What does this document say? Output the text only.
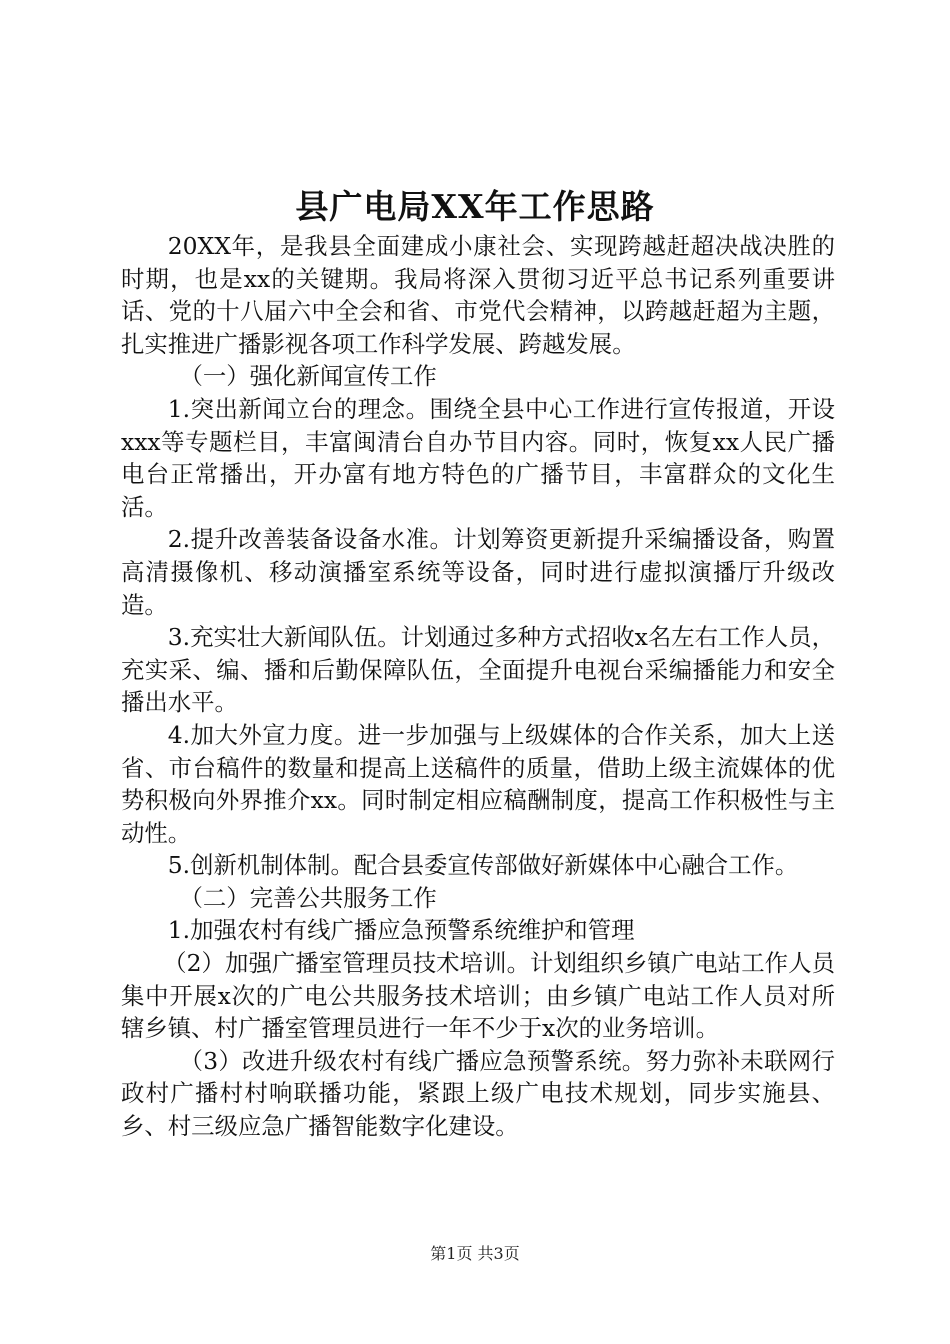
县广电局XX年工作思路

20XX年，是我县全面建成小康社会、实现跨越赶超决战决胜的时期，也是xx的关键期。我局将深入贯彻习近平总书记系列重要讲话、党的十八届六中全会和省、市党代会精神，以跨越赶超为主题，扎实推进广播影视各项工作科学发展、跨越发展。

（一）强化新闻宣传工作

1.突出新闻立台的理念。围绕全县中心工作进行宣传报道，开设xxx等专题栏目，丰富闽清台自办节目内容。同时，恢复xx人民广播电台正常播出，开办富有地方特色的广播节目，丰富群众的文化生活。

2.提升改善装备设备水准。计划筹资更新提升采编播设备，购置高清摄像机、移动演播室系统等设备，同时进行虚拟演播厅升级改造。

3.充实壮大新闻队伍。计划通过多种方式招收x名左右工作人员，充实采、编、播和后勤保障队伍，全面提升电视台采编播能力和安全播出水平。

4.加大外宣力度。进一步加强与上级媒体的合作关系，加大上送省、市台稿件的数量和提高上送稿件的质量，借助上级主流媒体的优势积极向外界推介xx。同时制定相应稿酬制度，提高工作积极性与主动性。

5.创新机制体制。配合县委宣传部做好新媒体中心融合工作。

（二）完善公共服务工作

1.加强农村有线广播应急预警系统维护和管理

（2）加强广播室管理员技术培训。计划组织乡镇广电站工作人员集中开展x次的广电公共服务技术培训；由乡镇广电站工作人员对所辖乡镇、村广播室管理员进行一年不少于x次的业务培训。

（3）改进升级农村有线广播应急预警系统。努力弥补未联网行政村广播村村响联播功能，紧跟上级广电技术规划，同步实施县、乡、村三级应急广播智能数字化建设。

第1页 共3页
